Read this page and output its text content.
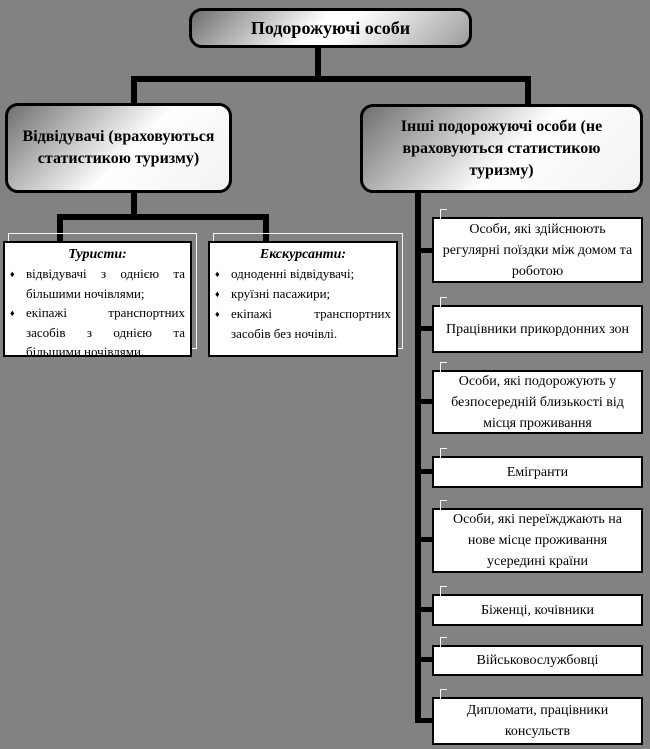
Подорожуючі особи
Відвідувачі (враховуються статистикою туризму)
Інші подорожуючі особи (не враховуються статистикою туризму)
Туристи:
♦ відвідувачі з однією та більшими ночівлями;
♦ екіпажі транспортних засобів з однією та більшими ночівлями.
Екскурсанти:
♦ одноденні відвідувачі;
♦ круїзні пасажири;
♦ екіпажі транспортних засобів без ночівлі.
Особи, які здійснюють регулярні поїздки між домом та роботою
Працівники прикордонних зон
Особи, які подорожують у безпосередній близькості від місця проживання
Емігранти
Особи, які переїжджають на нове місце проживання усередині країни
Біженці, кочівники
Військовослужбовці
Дипломати, працівники консульств
